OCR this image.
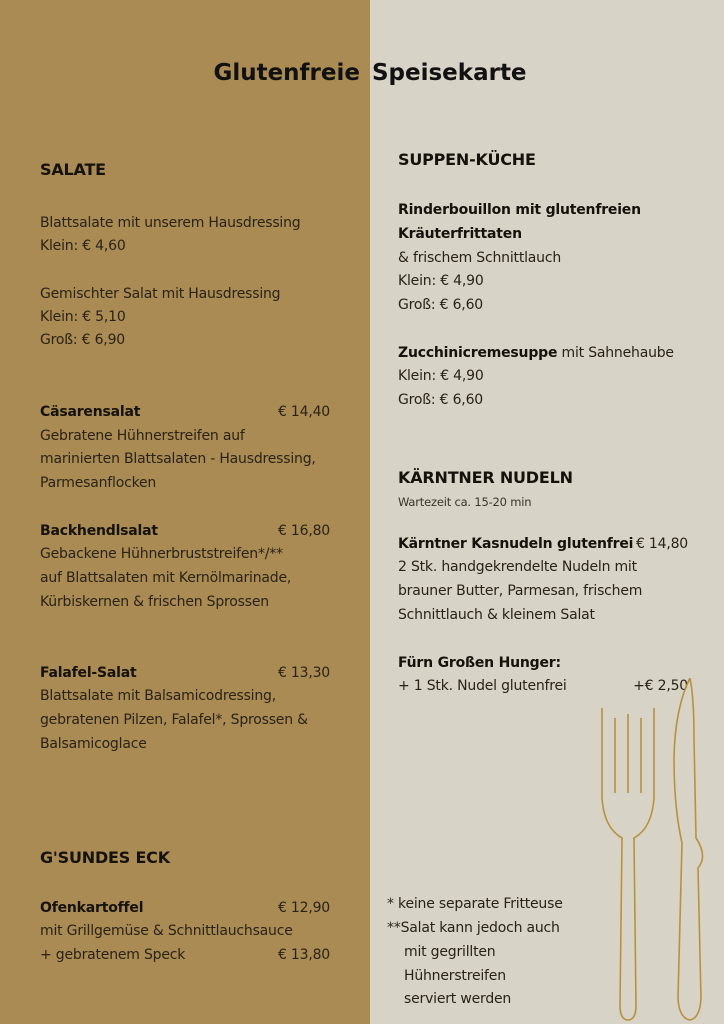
Glutenfreie Speisekarte
SALATE
Blattsalate mit unserem Hausdressing
Klein: € 4,60
Gemischter Salat mit Hausdressing
Klein: € 5,10
Groß: € 6,90
Cäsarensalat	€ 14,40
Gebratene Hühnerstreifen auf
marinierten Blattsalaten - Hausdressing,
Parmesanflocken
Backhendlsalat	€ 16,80
Gebackene Hühnerbruststreifen*/**
auf Blattsalaten mit Kernölmarinade,
Kürbiskernen & frischen Sprossen
Falafel-Salat	€ 13,30
Blattsalate mit Balsamicodressing,
gebratenen Pilzen, Falafel*, Sprossen &
Balsamicoglace
G'SUNDES ECK
Ofenkartoffel	€ 12,90
mit Grillgemüse & Schnittlauchsauce
+ gebratenem Speck	€ 13,80
SUPPEN-KÜCHE
Rinderbouillon mit glutenfreien
Kräuterfrittaten
& frischem Schnittlauch
Klein: € 4,90
Groß: € 6,60
Zucchinicremesuppe mit Sahnehaube
Klein: € 4,90
Groß: € 6,60
KÄRNTNER NUDELN
Wartezeit ca. 15-20 min
Kärntner Kasnudeln glutenfrei € 14,80
2 Stk. handgekrendelte Nudeln mit
brauner Butter, Parmesan, frischem
Schnittlauch & kleinem Salat
Fürn Großen Hunger:
+ 1 Stk. Nudel glutenfrei	+€ 2,50
* keine separate Fritteuse
**Salat kann jedoch auch
mit gegrillten
Hühnerstreifen
serviert werden
